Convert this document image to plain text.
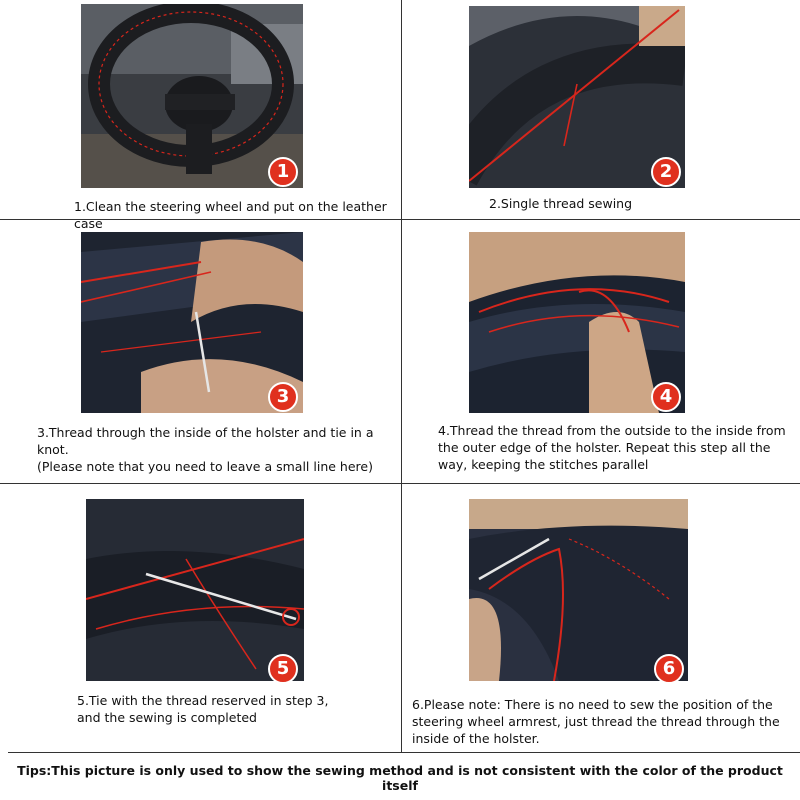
1
1.Clean the steering wheel and put on the leather case
2
2.Single thread sewing
3
3.Thread through the inside of the holster and tie in a knot.
(Please note that you need to leave a small line here)
4
4.Thread the thread from the outside to the inside from the outer edge of the holster. Repeat this step all the way, keeping the stitches parallel
5
5.Tie with the thread reserved in step 3,
and the sewing is completed
6
6.Please note: There is no need to sew the position of the steering wheel armrest, just thread the thread through the inside of the holster.
Tips:This picture is only used to show the sewing method and is not consistent with the color of the product itself
